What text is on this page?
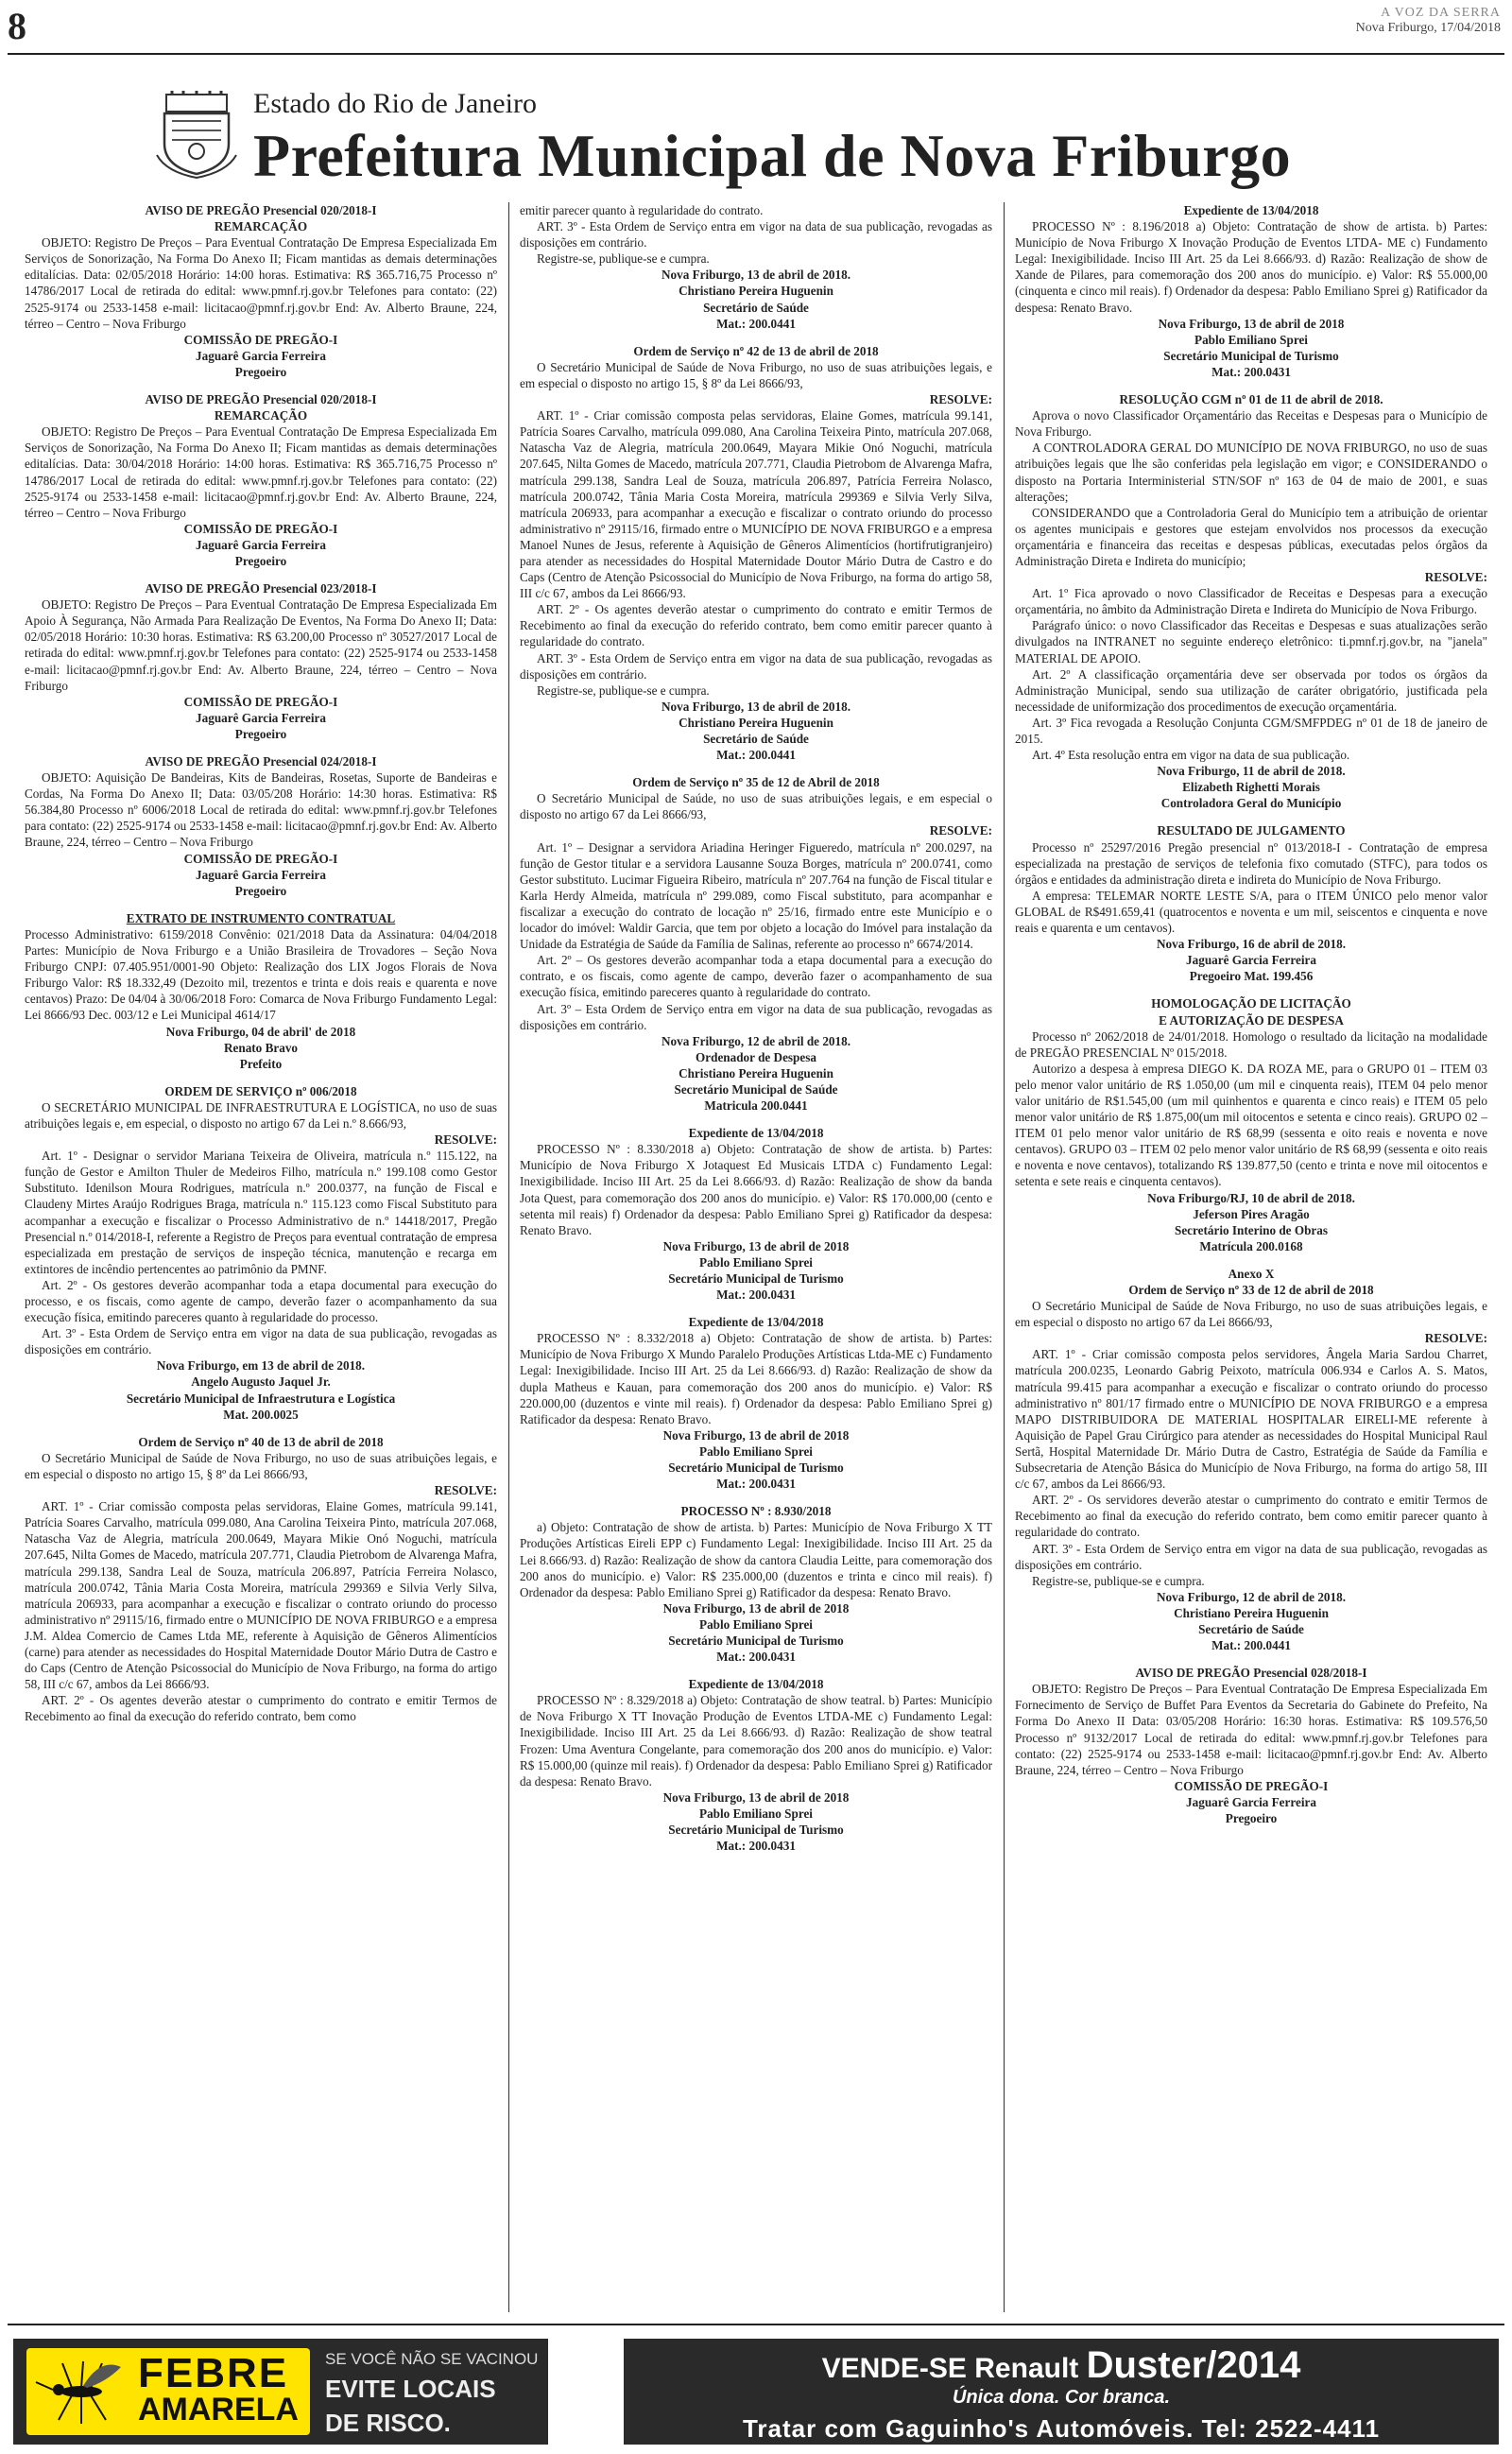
8	A VOZ DA SERRA
Nova Friburgo, 17/04/2018
Estado do Rio de Janeiro
Prefeitura Municipal de Nova Friburgo
AVISO DE PREGÃO Presencial 020/2018-I
REMARCAÇÃO

OBJETO: Registro De Preços – Para Eventual Contratação De Empresa Especializada Em Serviços de Sonorização, Na Forma Do Anexo II; Ficam mantidas as demais determinações editalícias. Data: 02/05/2018 Horário: 14:00 horas. Estimativa: R$ 365.716,75 Processo nº 14786/2017 Local de retirada do edital: www.pmnf.rj.gov.br Telefones para contato: (22) 2525-9174 ou 2533-1458 e-mail: licitacao@pmnf.rj.gov.br End: Av. Alberto Braune, 224, térreo – Centro – Nova Friburgo

COMISSÃO DE PREGÃO-I
Jaguarê Garcia Ferreira
Pregoeiro
AVISO DE PREGÃO Presencial 020/2018-I
REMARCAÇÃO

OBJETO: Registro De Preços – Para Eventual Contratação De Empresa Especializada Em Serviços de Sonorização, Na Forma Do Anexo II; Ficam mantidas as demais determinações editalícias. Data: 30/04/2018 Horário: 14:00 horas. Estimativa: R$ 365.716,75 Processo nº 14786/2017 Local de retirada do edital: www.pmnf.rj.gov.br Telefones para contato: (22) 2525-9174 ou 2533-1458 e-mail: licitacao@pmnf.rj.gov.br End: Av. Alberto Braune, 224, térreo – Centro – Nova Friburgo

COMISSÃO DE PREGÃO-I
Jaguarê Garcia Ferreira
Pregoeiro
AVISO DE PREGÃO Presencial 023/2018-I

OBJETO: Registro De Preços – Para Eventual Contratação De Empresa Especializada Em Apoio À Segurança, Não Armada Para Realização De Eventos, Na Forma Do Anexo II; Data: 02/05/2018 Horário: 10:30 horas. Estimativa: R$ 63.200,00 Processo nº 30527/2017 Local de retirada do edital: www.pmnf.rj.gov.br Telefones para contato: (22) 2525-9174 ou 2533-1458 e-mail: licitacao@pmnf.rj.gov.br End: Av. Alberto Braune, 224, térreo – Centro – Nova Friburgo

COMISSÃO DE PREGÃO-I
Jaguarê Garcia Ferreira
Pregoeiro
AVISO DE PREGÃO Presencial 024/2018-I

OBJETO: Aquisição De Bandeiras, Kits de Bandeiras, Rosetas, Suporte de Bandeiras e Cordas, Na Forma Do Anexo II; Data: 03/05/208 Horário: 14:30 horas. Estimativa: R$ 56.384,80 Processo nº 6006/2018 Local de retirada do edital: www.pmnf.rj.gov.br Telefones para contato: (22) 2525-9174 ou 2533-1458 e-mail: licitacao@pmnf.rj.gov.br End: Av. Alberto Braune, 224, térreo – Centro – Nova Friburgo

COMISSÃO DE PREGÃO-I
Jaguarê Garcia Ferreira
Pregoeiro
EXTRATO DE INSTRUMENTO CONTRATUAL

Processo Administrativo: 6159/2018 Convênio: 021/2018 Data da Assinatura: 04/04/2018 Partes: Município de Nova Friburgo e a União Brasileira de Trovadores – Seção Nova Friburgo CNPJ: 07.405.951/0001-90 Objeto: Realização dos LIX Jogos Florais de Nova Friburgo Valor: R$ 18.332,49 (Dezoito mil, trezentos e trinta e dois reais e quarenta e nove centavos) Prazo: De 04/04 à 30/06/2018 Foro: Comarca de Nova Friburgo Fundamento Legal: Lei 8666/93 Dec. 003/12 e Lei Municipal 4614/17

Nova Friburgo, 04 de abril' de 2018
Renato Bravo
Prefeito
ORDEM DE SERVIÇO nº 006/2018

O SECRETÁRIO MUNICIPAL DE INFRAESTRUTURA E LOGÍSTICA, no uso de suas atribuições legais e, em especial, o disposto no artigo 67 da Lei n.º 8.666/93,

RESOLVE:

Art. 1º - Designar o servidor Mariana Teixeira de Oliveira, matrícula n.º 115.122, na função de Gestor e Amilton Thuler de Medeiros Filho, matrícula n.º 199.108 como Gestor Substituto. Idenilson Moura Rodrigues, matrícula n.º 200.0377, na função de Fiscal e Claudeny Mirtes Araújo Rodrigues Braga, matrícula n.º 115.123 como Fiscal Substituto para acompanhar a execução e fiscalizar o Processo Administrativo de n.º 14418/2017, Pregão Presencial n.º 014/2018-I, referente a Registro de Preços para eventual contratação de empresa especializada em prestação de serviços de inspeção técnica, manutenção e recarga em extintores de incêndio pertencentes ao patrimônio da PMNF.

Art. 2º - Os gestores deverão acompanhar toda a etapa documental para execução do processo, e os fiscais, como agente de campo, deverão fazer o acompanhamento da sua execução física, emitindo pareceres quanto à regularidade do processo.

Art. 3º - Esta Ordem de Serviço entra em vigor na data de sua publicação, revogadas as disposições em contrário.

Nova Friburgo, em 13 de abril de 2018.
Angelo Augusto Jaquel Jr.
Secretário Municipal de Infraestrutura e Logística
Mat. 200.0025
Ordem de Serviço nº 40 de 13 de abril de 2018

O Secretário Municipal de Saúde de Nova Friburgo, no uso de suas atribuições legais, e em especial o disposto no artigo 15, § 8º da Lei 8666/93,

RESOLVE:

ART. 1º - Criar comissão composta pelas servidoras, Elaine Gomes, matrícula 99.141, Patrícia Soares Carvalho, matrícula 099.080, Ana Carolina Teixeira Pinto, matrícula 207.068, Natascha Vaz de Alegria, matrícula 200.0649, Mayara Mikie Onó Noguchi, matrícula 207.645, Nilta Gomes de Macedo, matrícula 207.771, Claudia Pietrobom de Alvarenga Mafra, matrícula 299.138, Sandra Leal de Souza, matrícula 206.897, Patrícia Ferreira Nolasco, matrícula 200.0742, Tânia Maria Costa Moreira, matrícula 299369 e Silvia Verly Silva, matrícula 206933, para acompanhar a execução e fiscalizar o contrato oriundo do processo administrativo nº 29115/16, firmado entre o MUNICÍPIO DE NOVA FRIBURGO e a empresa J.M. Aldea Comercio de Cames Ltda ME, referente à Aquisição de Gêneros Alimentícios (carne) para atender as necessidades do Hospital Maternidade Doutor Mário Dutra de Castro e do Caps (Centro de Atenção Psicossocial do Município de Nova Friburgo, na forma do artigo 58, III c/c 67, ambos da Lei 8666/93.

ART. 2º - Os agentes deverão atestar o cumprimento do contrato e emitir Termos de Recebimento ao final da execução do referido contrato, bem como

emitir parecer quanto à regularidade do contrato.

ART. 3º - Esta Ordem de Serviço entra em vigor na data de sua publicação, revogadas as disposições em contrário.

Registre-se, publique-se e cumpra.

Nova Friburgo, 13 de abril de 2018.
Christiano Pereira Huguenin
Secretário de Saúde
Mat.: 200.0441
Ordem de Serviço nº 42 de 13 de abril de 2018

O Secretário Municipal de Saúde de Nova Friburgo, no uso de suas atribuições legais, e em especial o disposto no artigo 15, § 8º da Lei 8666/93,

RESOLVE:

ART. 1º - Criar comissão composta pelas servidoras, Elaine Gomes, matrícula 99.141, Patrícia Soares Carvalho, matrícula 099.080, Ana Carolina Teixeira Pinto, matrícula 207.068, Natascha Vaz de Alegria, matrícula 200.0649, Mayara Mikie Onó Noguchi, matrícula 207.645, Nilta Gomes de Macedo, matrícula 207.771, Claudia Pietrobom de Alvarenga Mafra, matrícula 299.138, Sandra Leal de Souza, matrícula 206.897, Patrícia Ferreira Nolasco, matrícula 200.0742, Tânia Maria Costa Moreira, matrícula 299369 e Silvia Verly Silva, matrícula 206933, para acompanhar a execução e fiscalizar o contrato oriundo do processo administrativo nº 29115/16, firmado entre o MUNICÍPIO DE NOVA FRIBURGO e a empresa Manoel Nunes de Jesus, referente à Aquisição de Gêneros Alimentícios (hortifrutigranjeiro) para atender as necessidades do Hospital Maternidade Doutor Mário Dutra de Castro e do Caps (Centro de Atenção Psicossocial do Município de Nova Friburgo, na forma do artigo 58, III c/c 67, ambos da Lei 8666/93.

ART. 2º - Os agentes deverão atestar o cumprimento do contrato e emitir Termos de Recebimento ao final da execução do referido contrato, bem como emitir parecer quanto à regularidade do contrato.

ART. 3º - Esta Ordem de Serviço entra em vigor na data de sua publicação, revogadas as disposições em contrário.

Registre-se, publique-se e cumpra.

Nova Friburgo, 13 de abril de 2018.
Christiano Pereira Huguenin
Secretário de Saúde
Mat.: 200.0441
Ordem de Serviço nº 35 de 12 de Abril de 2018

O Secretário Municipal de Saúde, no uso de suas atribuições legais, e em especial o disposto no artigo 67 da Lei 8666/93,

RESOLVE:

Art. 1º – Designar a servidora Ariadina Heringer Figueredo, matrícula nº 200.0297, na função de Gestor titular e a servidora Lausanne Souza Borges, matrícula nº 200.0741, como Gestor substituto. Lucimar Figueira Ribeiro, matrícula nº 207.764 na função de Fiscal titular e Karla Herdy Almeida, matrícula nº 299.089, como Fiscal substituto, para acompanhar e fiscalizar a execução do contrato de locação nº 25/16, firmado entre este Município e o locador do imóvel: Waldir Garcia, que tem por objeto a locação do Imóvel para instalação da Unidade da Estratégia de Saúde da Família de Salinas, referente ao processo nº 6674/2014.

Art. 2º – Os gestores deverão acompanhar toda a etapa documental para a execução do contrato, e os fiscais, como agente de campo, deverão fazer o acompanhamento de sua execução física, emitindo pareceres quanto à regularidade do contrato.

Art. 3º – Esta Ordem de Serviço entra em vigor na data de sua publicação, revogadas as disposições em contrário.

Nova Friburgo, 12 de abril de 2018.
Ordenador de Despesa
Christiano Pereira Huguenin
Secretário Municipal de Saúde
Matricula 200.0441
Expediente de 13/04/2018

PROCESSO Nº : 8.330/2018 a) Objeto: Contratação de show de artista. b) Partes: Município de Nova Friburgo X Jotaquest Ed Musicais LTDA c) Fundamento Legal: Inexigibilidade. Inciso III Art. 25 da Lei 8.666/93. d) Razão: Realização de show da banda Jota Quest, para comemoração dos 200 anos do município. e) Valor: R$ 170.000,00 (cento e setenta mil reais) f) Ordenador da despesa: Pablo Emiliano Sprei g) Ratificador da despesa: Renato Bravo.

Nova Friburgo, 13 de abril de 2018
Pablo Emiliano Sprei
Secretário Municipal de Turismo
Mat.: 200.0431
Expediente de 13/04/2018

PROCESSO Nº : 8.332/2018 a) Objeto: Contratação de show de artista. b) Partes: Município de Nova Friburgo X Mundo Paralelo Produções Artísticas Ltda-ME c) Fundamento Legal: Inexigibilidade. Inciso III Art. 25 da Lei 8.666/93. d) Razão: Realização de show da dupla Matheus e Kauan, para comemoração dos 200 anos do município. e) Valor: R$ 220.000,00 (duzentos e vinte mil reais). f) Ordenador da despesa: Pablo Emiliano Sprei g) Ratificador da despesa: Renato Bravo.

Nova Friburgo, 13 de abril de 2018
Pablo Emiliano Sprei
Secretário Municipal de Turismo
Mat.: 200.0431
PROCESSO Nº : 8.930/2018

a) Objeto: Contratação de show de artista. b) Partes: Município de Nova Friburgo X TT Produções Artísticas Eireli EPP c) Fundamento Legal: Inexigibilidade. Inciso III Art. 25 da Lei 8.666/93. d) Razão: Realização de show da cantora Claudia Leitte, para comemoração dos 200 anos do município. e) Valor: R$ 235.000,00 (duzentos e trinta e cinco mil reais). f) Ordenador da despesa: Pablo Emiliano Sprei g) Ratificador da despesa: Renato Bravo.

Nova Friburgo, 13 de abril de 2018
Pablo Emiliano Sprei
Secretário Municipal de Turismo
Mat.: 200.0431
Expediente de 13/04/2018

PROCESSO Nº : 8.329/2018 a) Objeto: Contratação de show teatral. b) Partes: Município de Nova Friburgo X TT Inovação Produção de Eventos LTDA-ME c) Fundamento Legal: Inexigibilidade. Inciso III Art. 25 da Lei 8.666/93. d) Razão: Realização de show teatral Frozen: Uma Aventura Congelante, para comemoração dos 200 anos do município. e) Valor: R$ 15.000,00 (quinze mil reais). f) Ordenador da despesa: Pablo Emiliano Sprei g) Ratificador da despesa: Renato Bravo.

Nova Friburgo, 13 de abril de 2018
Pablo Emiliano Sprei
Secretário Municipal de Turismo
Mat.: 200.0431
Expediente de 13/04/2018

PROCESSO Nº : 8.196/2018 a) Objeto: Contratação de show de artista. b) Partes: Município de Nova Friburgo X Inovação Produção de Eventos LTDA- ME c) Fundamento Legal: Inexigibilidade. Inciso III Art. 25 da Lei 8.666/93. d) Razão: Realização de show de Xande de Pilares, para comemoração dos 200 anos do município. e) Valor: R$ 55.000,00 (cinquenta e cinco mil reais). f) Ordenador da despesa: Pablo Emiliano Sprei g) Ratificador da despesa: Renato Bravo.

Nova Friburgo, 13 de abril de 2018
Pablo Emiliano Sprei
Secretário Municipal de Turismo
Mat.: 200.0431
RESOLUÇÃO CGM nº 01 de 11 de abril de 2018.

Aprova o novo Classificador Orçamentário das Receitas e Despesas para o Município de Nova Friburgo.

A CONTROLADORA GERAL DO MUNICÍPIO DE NOVA FRIBURGO, no uso de suas atribuições legais que lhe são conferidas pela legislação em vigor; e CONSIDERANDO o disposto na Portaria Interministerial STN/SOF nº 163 de 04 de maio de 2001, e suas alterações;

CONSIDERANDO que a Controladoria Geral do Município tem a atribuição de orientar os agentes municipais e gestores que estejam envolvidos nos processos da execução orçamentária e financeira das receitas e despesas públicas, executadas pelos órgãos da Administração Direta e Indireta do município;

RESOLVE:

Art. 1º Fica aprovado o novo Classificador de Receitas e Despesas para a execução orçamentária, no âmbito da Administração Direta e Indireta do Município de Nova Friburgo.

Parágrafo único: o novo Classificador das Receitas e Despesas e suas atualizações serão divulgados na INTRANET no seguinte endereço eletrônico: ti.pmnf.rj.gov.br, na "janela" MATERIAL DE APOIO.

Art. 2º A classificação orçamentária deve ser observada por todos os órgãos da Administração Municipal, sendo sua utilização de caráter obrigatório, justificada pela necessidade de uniformização dos procedimentos de execução orçamentária.

Art. 3º Fica revogada a Resolução Conjunta CGM/SMFPDEG nº 01 de 18 de janeiro de 2015.

Art. 4º Esta resolução entra em vigor na data de sua publicação.

Nova Friburgo, 11 de abril de 2018.
Elizabeth Righetti Morais
Controladora Geral do Município
RESULTADO DE JULGAMENTO

Processo nº 25297/2016 Pregão presencial nº 013/2018-I - Contratação de empresa especializada na prestação de serviços de telefonia fixo comutado (STFC), para todos os órgãos e entidades da administração direta e indireta do Município de Nova Friburgo.

A empresa: TELEMAR NORTE LESTE S/A, para o ITEM ÚNICO pelo menor valor GLOBAL de R$491.659,41 (quatrocentos e noventa e um mil, seiscentos e cinquenta e nove reais e quarenta e um centavos).

Nova Friburgo, 16 de abril de 2018.
Jaguarê Garcia Ferreira
Pregoeiro Mat. 199.456
HOMOLOGAÇÃO DE LICITAÇÃO
E AUTORIZAÇÃO DE DESPESA

Processo nº 2062/2018 de 24/01/2018. Homologo o resultado da licitação na modalidade de PREGÃO PRESENCIAL Nº 015/2018.

Autorizo a despesa à empresa DIEGO K. DA ROZA ME, para o GRUPO 01 – ITEM 03 pelo menor valor unitário de R$ 1.050,00 (um mil e cinquenta reais), ITEM 04 pelo menor valor unitário de R$1.545,00 (um mil quinhentos e quarenta e cinco reais) e ITEM 05 pelo menor valor unitário de R$ 1.875,00(um mil oitocentos e setenta e cinco reais). GRUPO 02 – ITEM 01 pelo menor valor unitário de R$ 68,99 (sessenta e oito reais e noventa e nove centavos). GRUPO 03 – ITEM 02 pelo menor valor unitário de R$ 68,99 (sessenta e oito reais e noventa e nove centavos), totalizando R$ 139.877,50 (cento e trinta e nove mil oitocentos e setenta e sete reais e cinquenta centavos).

Nova Friburgo/RJ, 10 de abril de 2018.
Jeferson Pires Aragão
Secretário Interino de Obras
Matrícula 200.0168
Anexo X
Ordem de Serviço nº 33 de 12 de abril de 2018

O Secretário Municipal de Saúde de Nova Friburgo, no uso de suas atribuições legais, e em especial o disposto no artigo 67 da Lei 8666/93,

RESOLVE:

ART. 1º - Criar comissão composta pelos servidores, Ângela Maria Sardou Charret, matrícula 200.0235, Leonardo Gabrig Peixoto, matrícula 006.934 e Carlos A. S. Matos, matrícula 99.415 para acompanhar a execução e fiscalizar o contrato oriundo do processo administrativo nº 801/17 firmado entre o MUNICÍPIO DE NOVA FRIBURGO e a empresa MAPO DISTRIBUIDORA DE MATERIAL HOSPITALAR EIRELI-ME referente à Aquisição de Papel Grau Cirúrgico para atender as necessidades do Hospital Municipal Raul Sertã, Hospital Maternidade Dr. Mário Dutra de Castro, Estratégia de Saúde da Família e Subsecretaria de Atenção Básica do Município de Nova Friburgo, na forma do artigo 58, III c/c 67, ambos da Lei 8666/93.

ART. 2º - Os servidores deverão atestar o cumprimento do contrato e emitir Termos de Recebimento ao final da execução do referido contrato, bem como emitir parecer quanto à regularidade do contrato.

ART. 3º - Esta Ordem de Serviço entra em vigor na data de sua publicação, revogadas as disposições em contrário.

Registre-se, publique-se e cumpra.

Nova Friburgo, 12 de abril de 2018.
Christiano Pereira Huguenin
Secretário de Saúde
Mat.: 200.0441
AVISO DE PREGÃO Presencial 028/2018-I

OBJETO: Registro De Preços – Para Eventual Contratação De Empresa Especializada Em Fornecimento de Serviço de Buffet Para Eventos da Secretaria do Gabinete do Prefeito, Na Forma Do Anexo II Data: 03/05/208 Horário: 16:30 horas. Estimativa: R$ 109.576,50 Processo nº 9132/2017 Local de retirada do edital: www.pmnf.rj.gov.br Telefones para contato: (22) 2525-9174 ou 2533-1458 e-mail: licitacao@pmnf.rj.gov.br End: Av. Alberto Braune, 224, térreo – Centro – Nova Friburgo

COMISSÃO DE PREGÃO-I
Jaguarê Garcia Ferreira
Pregoeiro
FEBRE
AMARELA
SE VOCÊ NÃO SE VACINOU
EVITE LOCAIS
DE RISCO.
VENDE-SE Renault Duster/2014
Única dona. Cor branca.
Tratar com Gaguinho's Automóveis. Tel: 2522-4411
